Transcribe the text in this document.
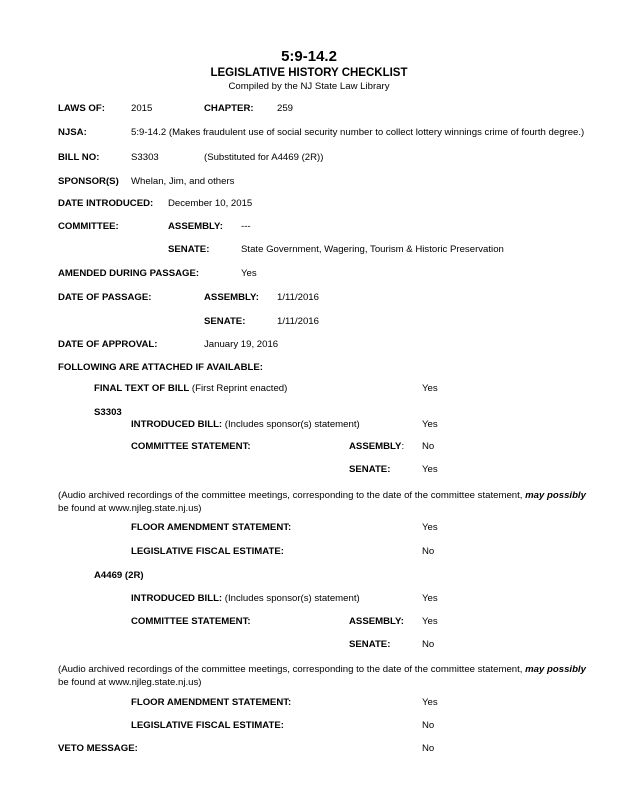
5:9-14.2
LEGISLATIVE HISTORY CHECKLIST
Compiled by the NJ State Law Library
LAWS OF:	2015	CHAPTER: 259
NJSA:	5:9-14.2 (Makes fraudulent use of social security number to collect lottery winnings crime of fourth degree.)
BILL NO:	S3303	(Substituted for A4469 (2R))
SPONSOR(S) Whelan, Jim, and others
DATE INTRODUCED: December 10, 2015
COMMITTEE:	ASSEMBLY: ---
SENATE:	State Government, Wagering, Tourism & Historic Preservation
AMENDED DURING PASSAGE:	Yes
DATE OF PASSAGE:	ASSEMBLY: 1/11/2016
SENATE:	1/11/2016
DATE OF APPROVAL:	January 19, 2016
FOLLOWING ARE ATTACHED IF AVAILABLE:
FINAL TEXT OF BILL (First Reprint enacted)	Yes
S3303
INTRODUCED BILL: (Includes sponsor(s) statement)	Yes
COMMITTEE STATEMENT:	ASSEMBLY: No
SENATE:	Yes
(Audio archived recordings of the committee meetings, corresponding to the date of the committee statement, may possibly be found at www.njleg.state.nj.us)
FLOOR AMENDMENT STATEMENT:	Yes
LEGISLATIVE FISCAL ESTIMATE:	No
A4469 (2R)
INTRODUCED BILL: (Includes sponsor(s) statement)	Yes
COMMITTEE STATEMENT:	ASSEMBLY: Yes
SENATE:	No
(Audio archived recordings of the committee meetings, corresponding to the date of the committee statement, may possibly be found at www.njleg.state.nj.us)
FLOOR AMENDMENT STATEMENT:	Yes
LEGISLATIVE FISCAL ESTIMATE:	No
VETO MESSAGE:	No
